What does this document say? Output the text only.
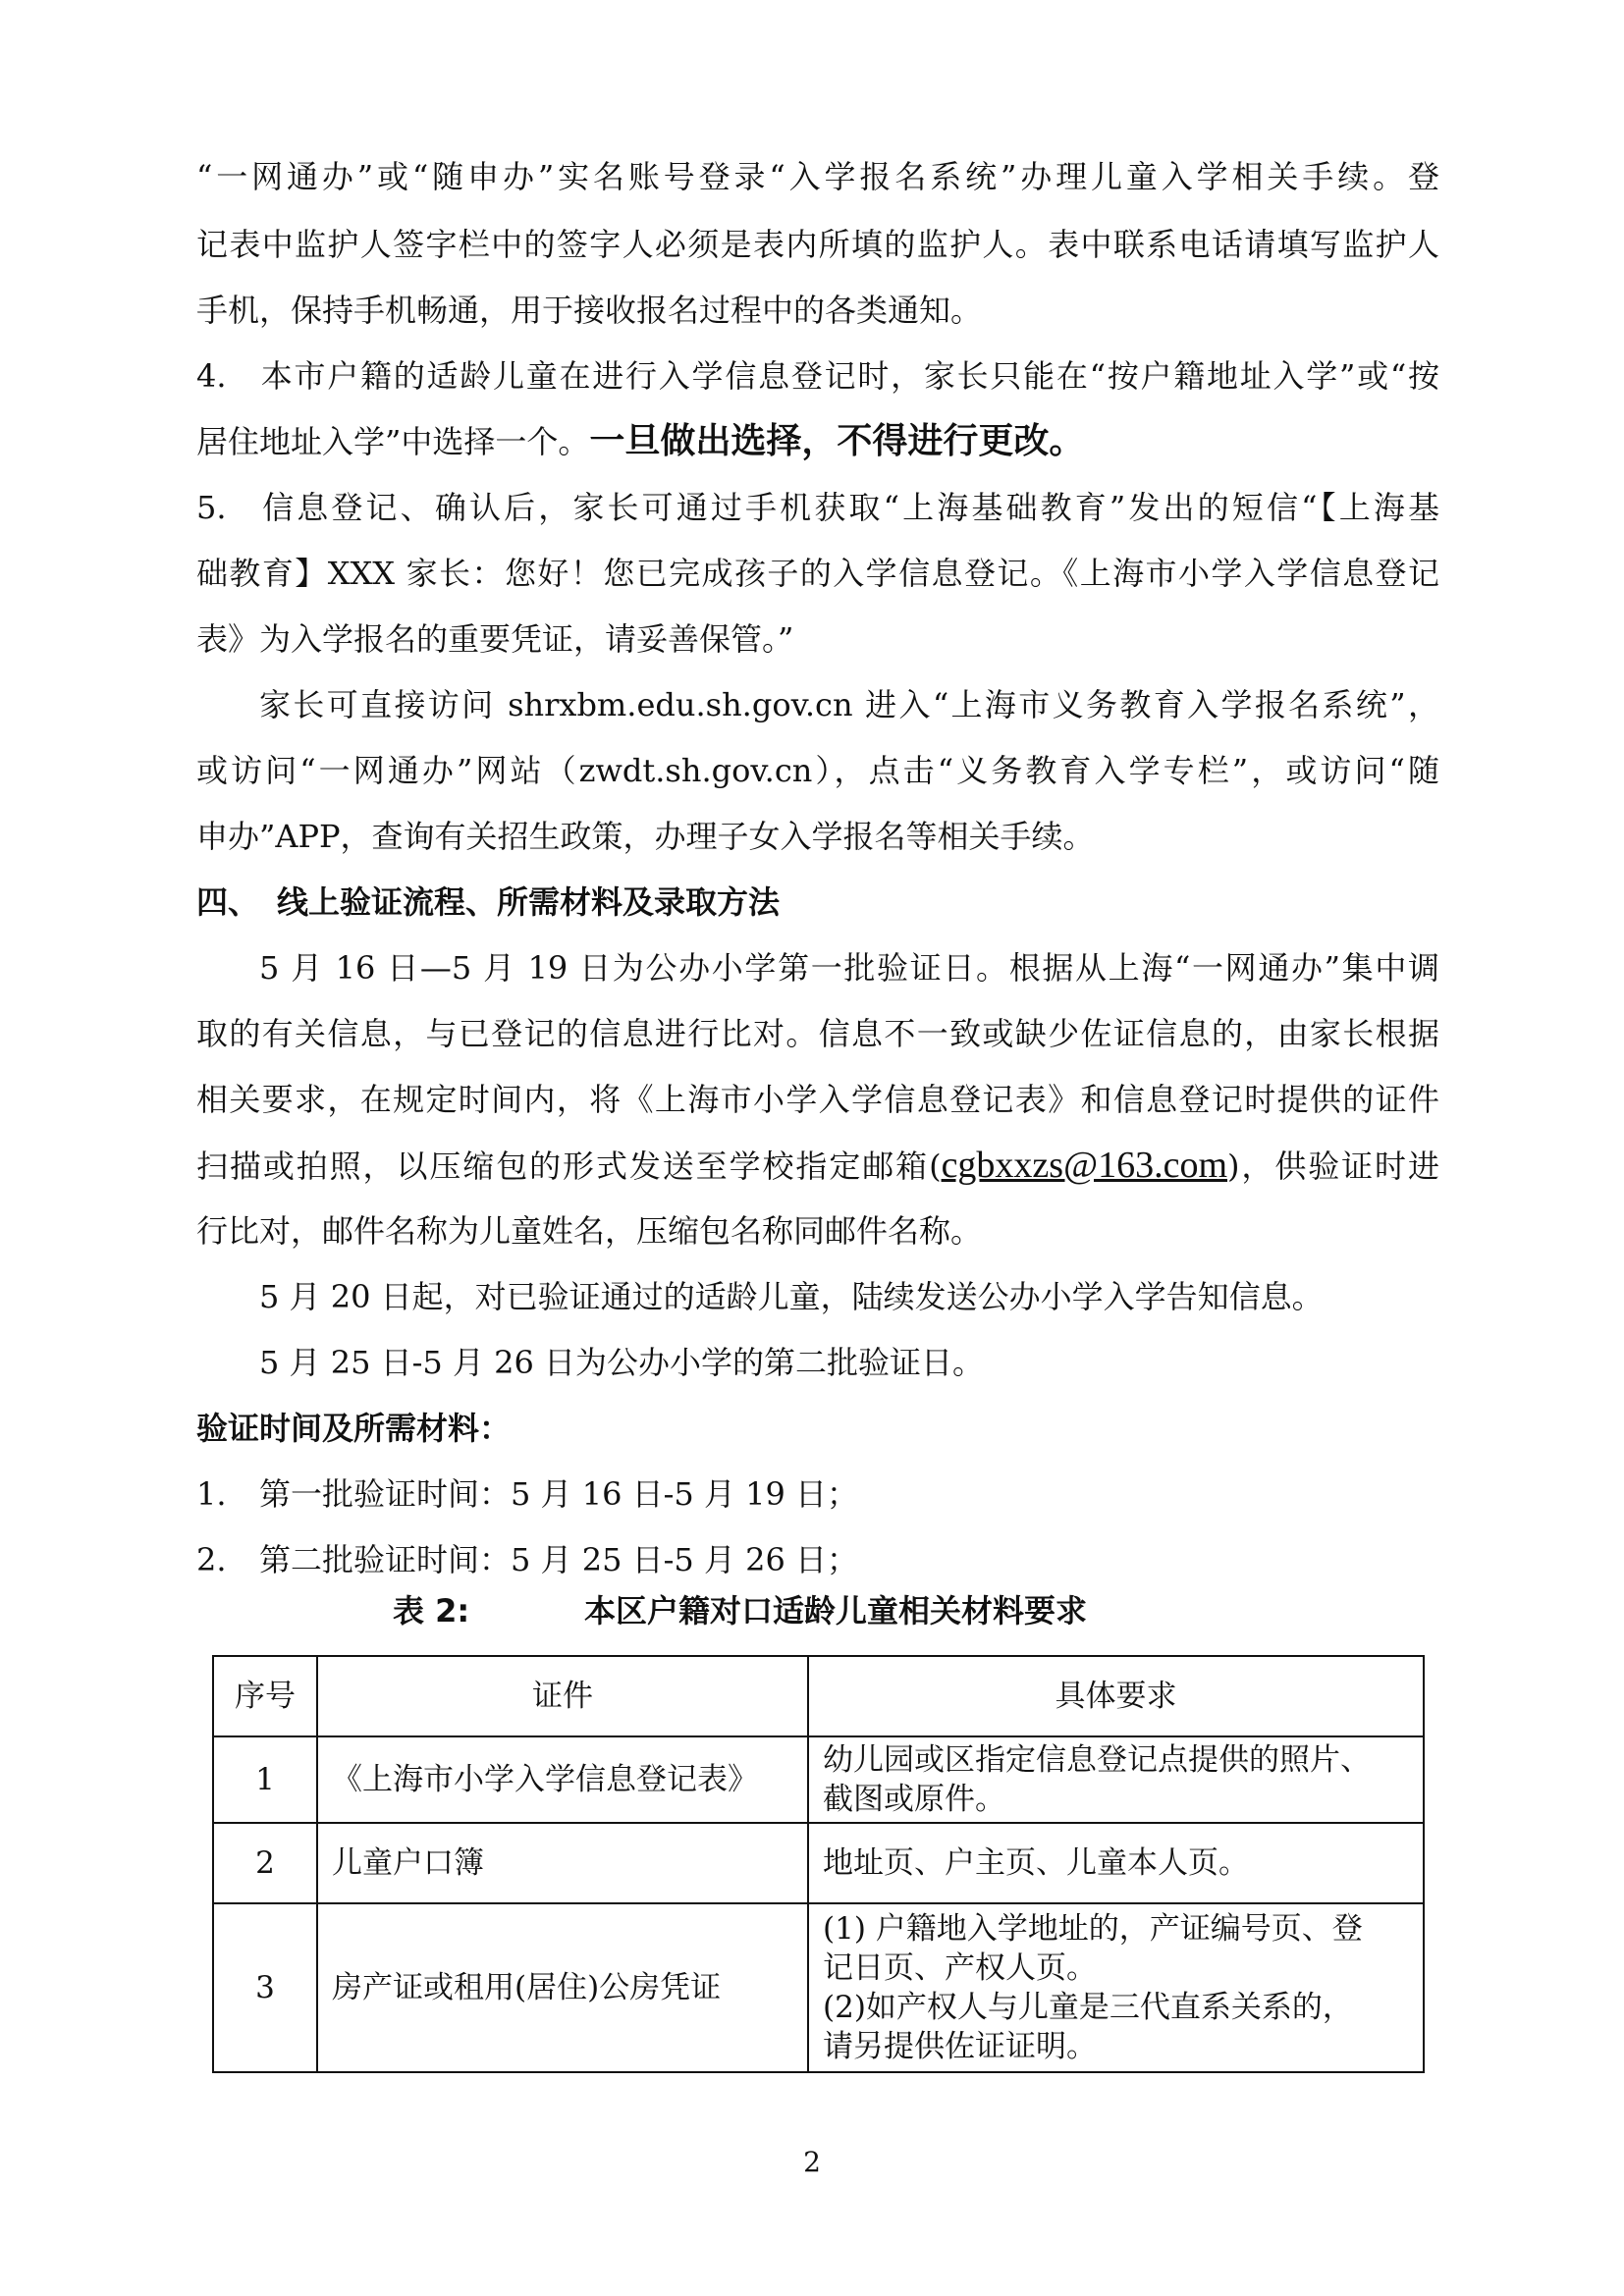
“一网通办”或“随申办”实名账号登录“入学报名系统”办理儿童入学相关手续。登
记表中监护人签字栏中的签字人必须是表内所填的监护人。表中联系电话请填写监护人
手机，保持手机畅通，用于接收报名过程中的各类通知。
4. 本市户籍的适龄儿童在进行入学信息登记时，家长只能在“按户籍地址入学”或“按
居住地址入学”中选择一个。一旦做出选择，不得进行更改。
5. 信息登记、确认后，家长可通过手机获取“上海基础教育”发出的短信“【上海基
础教育】XXX 家长：您好！您已完成孩子的入学信息登记。《上海市小学入学信息登记
表》为入学报名的重要凭证，请妥善保管。”
家长可直接访问 shrxbm.edu.sh.gov.cn 进入“上海市义务教育入学报名系统”，
或访问“一网通办”网站（zwdt.sh.gov.cn），点击“义务教育入学专栏”，或访问“随
申办”APP，查询有关招生政策，办理子女入学报名等相关手续。
四、 线上验证流程、所需材料及录取方法
5 月 16 日—5 月 19 日为公办小学第一批验证日。根据从上海“一网通办”集中调
取的有关信息，与已登记的信息进行比对。信息不一致或缺少佐证信息的，由家长根据
相关要求，在规定时间内，将《上海市小学入学信息登记表》和信息登记时提供的证件
扫描或拍照，以压缩包的形式发送至学校指定邮箱(cgbxxzs@163.com)，供验证时进
行比对，邮件名称为儿童姓名，压缩包名称同邮件名称。
5 月 20 日起，对已验证通过的适龄儿童，陆续发送公办小学入学告知信息。
5 月 25 日-5 月 26 日为公办小学的第二批验证日。
验证时间及所需材料：
1. 第一批验证时间：5 月 16 日-5 月 19 日；
2. 第二批验证时间：5 月 25 日-5 月 26 日；
表 2:	本区户籍对口适龄儿童相关材料要求
序号	证件	具体要求
1	《上海市小学入学信息登记表》	幼儿园或区指定信息登记点提供的照片、
截图或原件。

2	儿童户口簿	地址页、户主页、儿童本人页。

3	房产证或租用(居住)公房凭证	(1) 户籍地入学地址的，产证编号页、登
记日页、产权人页。
(2)如产权人与儿童是三代直系关系的，
请另提供佐证证明。
2
